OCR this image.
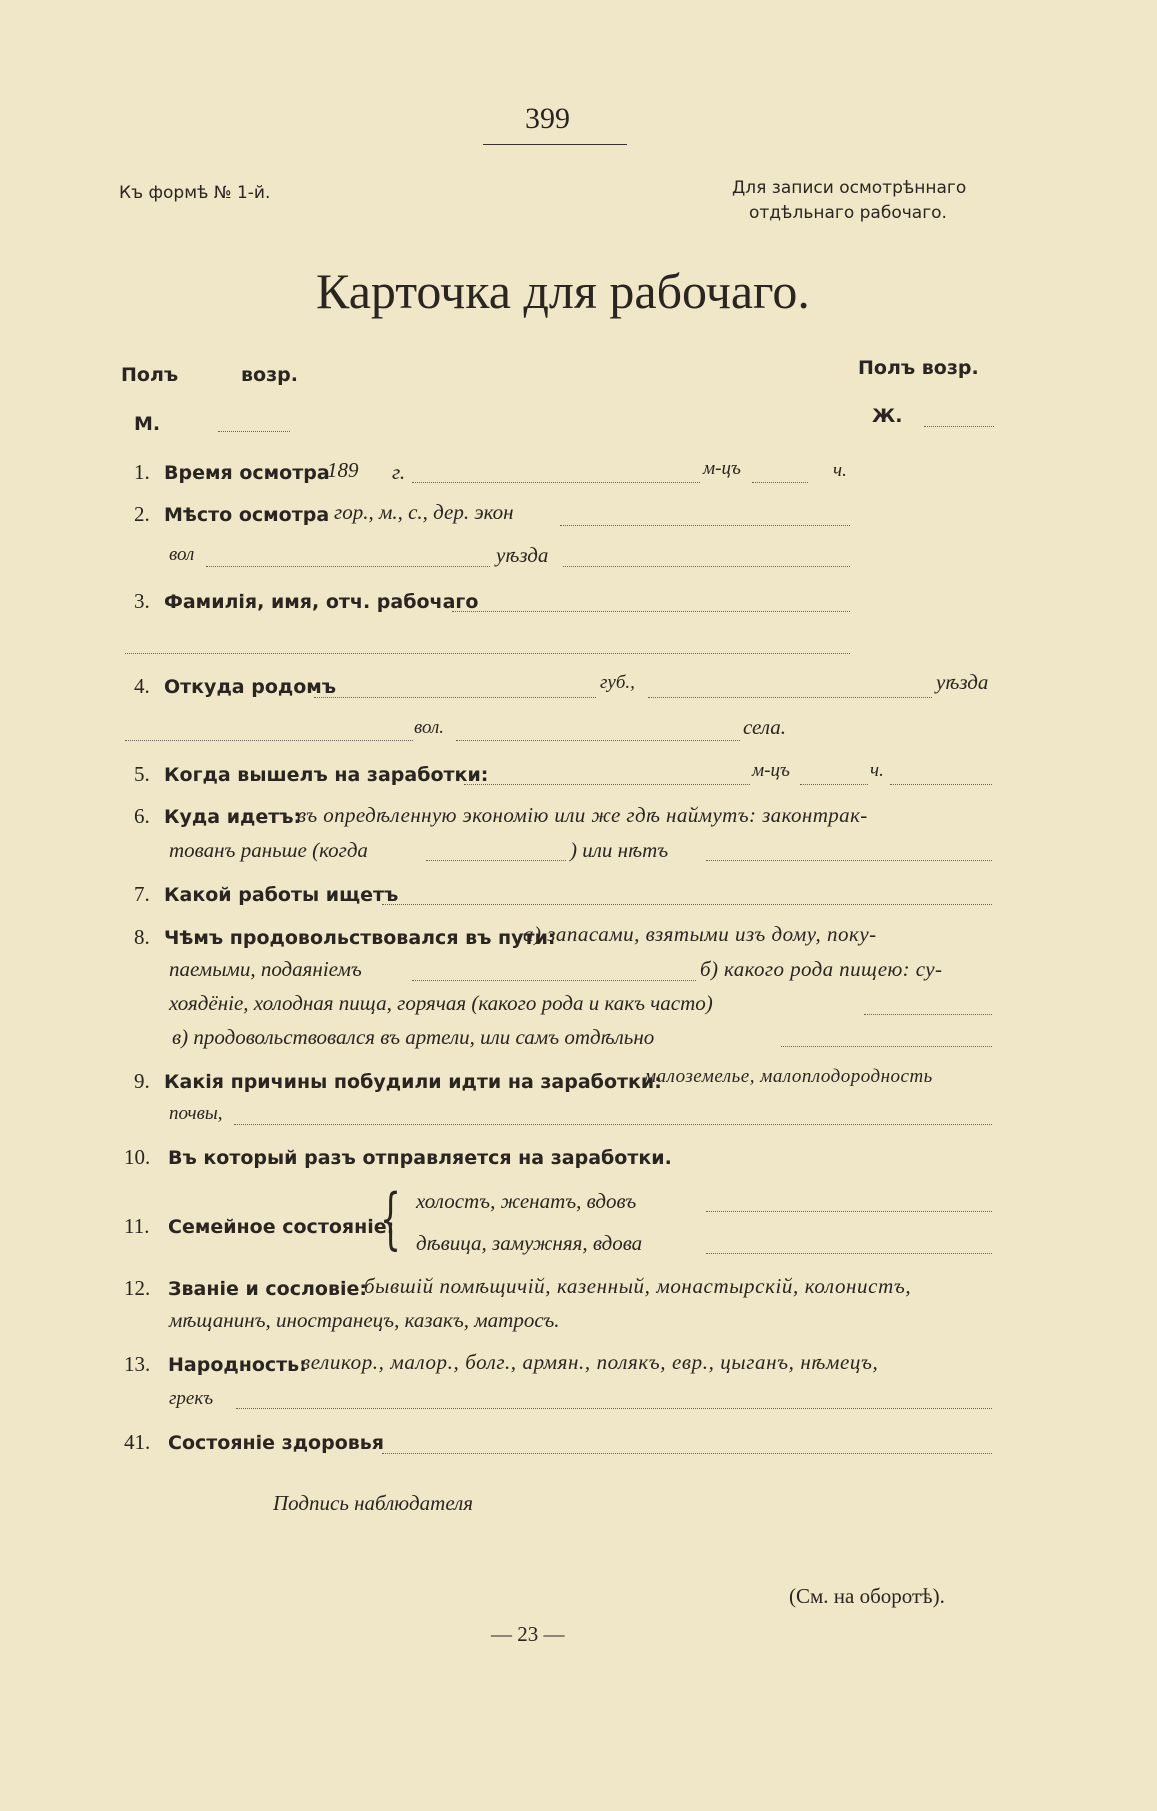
399
Къ формѣ № 1-й.	Для записи осмотрѣннаго
отдѣльнаго рабочаго.
Карточка для рабочаго.
Полъ	возр.
М.
Полъ возр.
Ж.
1. Время осмотра
189 г.	м-цъ	ч.
2. Мѣсто осмотра гор., м., с., дер. экон
вол	уѣзда
3. Фамилія, имя, отч. рабочаго
4. Откуда родомъ	губ.,	уѣзда
вол.	села.
5. Когда вышелъ на заработки:	м-цъ	ч.
6. Куда идетъ:
въ опредѣленную экономію или же гдѣ наймутъ: законтрак-
тованъ раньше (когда	) или нѣтъ
7. Какой работы ищетъ
8. Чѣмъ продовольствовался въ пути:
а) запасами, взятыми изъ дому, поку-
паемыми, подаяніемъ	б) какого рода пищею: су-
хоядёніе, холодная пища, горячая (какого рода и какъ часто)
в) продовольствовался въ артели, или самъ отдѣльно
9. Какія причины побудили идти на заработки:
малоземелье, малоплодородность
почвы,
10. Въ который разъ отправляется на заработки.
11. Семейное состояніе:
{ холостъ, женатъ, вдовъ
дѣвица, замужняя, вдова
12. Званіе и сословіе:
бывшій помѣщичій, казенный, монастырскій, колонистъ,
мѣщанинъ, иностранецъ, казакъ, матросъ.
13. Народность:
великор., малор., болг., армян., полякъ, евр., цыганъ, нѣмецъ,
грекъ
41. Состояніе здоровья
Подпись наблюдателя
(См. на оборотѣ).
— 23 —
